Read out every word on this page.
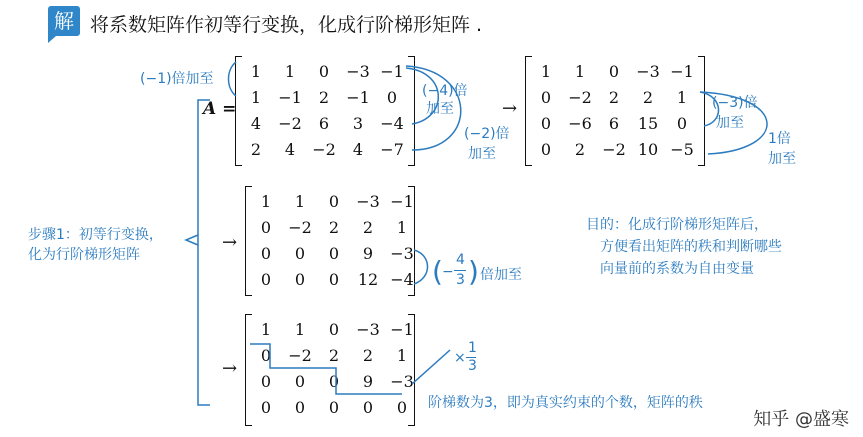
解 将系数矩阵作初等行变换，化成行阶梯形矩阵 .
A =
1	1	0	−3 −1
1	−1	2	−1	0
4	−2	6	3	−4
2	4	−2	4	−7
→
1	1	0	−3 −1
0	−2	2	2	1
0	−6	6	15	0
0	2	−2 10 −5
→
1	1	0	−3 −1
0	−2	2	2	1
0	0	0	9	−3
0	0	0	12 −4
→
1	1	0	−3 −1
0	−2	2	2	1
0	0	0	9	−3
0	0	0	0	0
(−1)倍加至
(−4)倍
加至
(−2)倍
加至
(−3)倍
加至
1倍
加至
步骤1：初等行变换，
化为行阶梯形矩阵
目的：化成行阶梯形矩阵后，
方便看出矩阵的秩和判断哪些
向量前的系数为自由变量
( −
4
3 ) 倍加至
×
1
3
阶梯数为3，即为真实约束的个数，矩阵的秩
知乎 @盛寒
